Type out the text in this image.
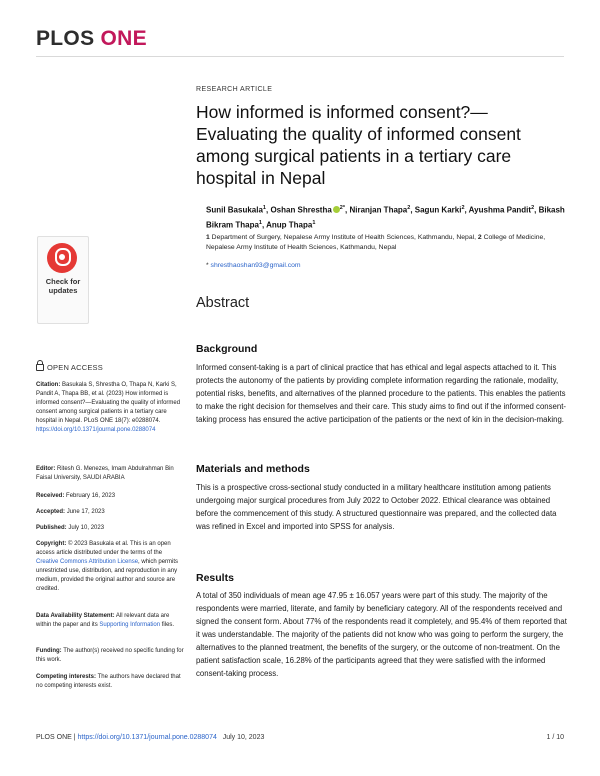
PLOS ONE
RESEARCH ARTICLE
How informed is informed consent?—Evaluating the quality of informed consent among surgical patients in a tertiary care hospital in Nepal
Sunil Basukala$^1$, Oshan Shrestha $^{2*}$, Niranjan Thapa$^2$, Sagun Karki$^2$, Ayushma Pandit$^2$, Bikash Bikram Thapa$^1$, Anup Thapa$^1$
1 Department of Surgery, Nepalese Army Institute of Health Sciences, Kathmandu, Nepal, 2 College of Medicine, Nepalese Army Institute of Health Sciences, Kathmandu, Nepal
* shresthaoshan93@gmail.com
Abstract
Background
Informed consent-taking is a part of clinical practice that has ethical and legal aspects attached to it. This protects the autonomy of the patients by providing complete information regarding the rationale, modality, potential risks, benefits, and alternatives of the planned procedure to the patients. This enables the patients to make the right decision for themselves and their care. This study aims to find out if the informed consent-taking process has ensured the active participation of the patients or the next of kin in the decision-making.
Materials and methods
This is a prospective cross-sectional study conducted in a military healthcare institution among patients undergoing major surgical procedures from July 2022 to October 2022. Ethical clearance was obtained before the commencement of this study. A structured questionnaire was prepared, and the collected data was refined in Excel and imported into SPSS for analysis.
Results
A total of 350 individuals of mean age 47.95 ± 16.057 years were part of this study. The majority of the respondents were married, literate, and family by beneficiary category. All of the respondents received and signed the consent form. About 77% of the respondents read it completely, and 95.4% of them reported that it was understandable. The majority of the patients did not know who was going to perform the surgery, the alternatives to the planned treatment, the benefits of the surgery, or the outcome of non-treatment. On the patient satisfaction scale, 16.28% of the participants agreed that they were satisfied with the informed consent-taking process.
Check for updates
OPEN ACCESS
Citation: Basukala S, Shrestha O, Thapa N, Karki S, Pandit A, Thapa BB, et al. (2023) How informed is informed consent?—Evaluating the quality of informed consent among surgical patients in a tertiary care hospital in Nepal. PLoS ONE 18(7): e0288074. https://doi.org/10.1371/journal.pone.0288074
Editor: Ritesh G. Menezes, Imam Abdulrahman Bin Faisal University, SAUDI ARABIA
Received: February 16, 2023
Accepted: June 17, 2023
Published: July 10, 2023
Copyright: © 2023 Basukala et al. This is an open access article distributed under the terms of the Creative Commons Attribution License, which permits unrestricted use, distribution, and reproduction in any medium, provided the original author and source are credited.
Data Availability Statement: All relevant data are within the paper and its Supporting Information files.
Funding: The author(s) received no specific funding for this work.
Competing interests: The authors have declared that no competing interests exist.
PLOS ONE | https://doi.org/10.1371/journal.pone.0288074 July 10, 2023	1 / 10
